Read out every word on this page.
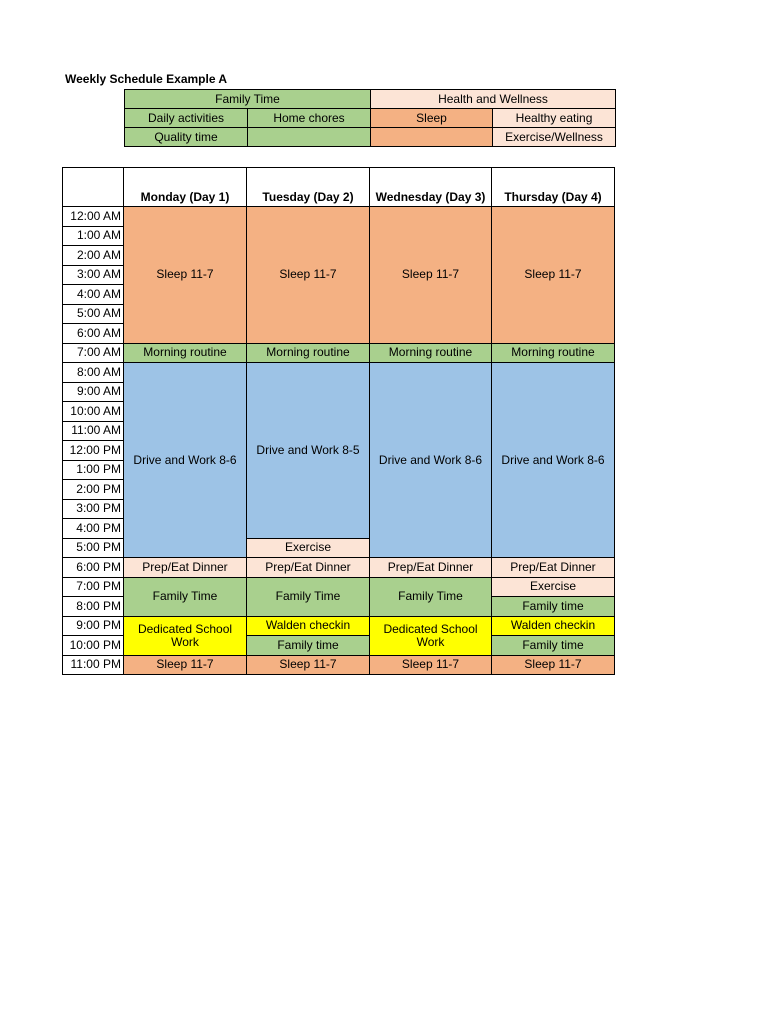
Weekly Schedule Example A
Family Time		Health and Wellness	
Daily activities	Home chores	Sleep	Healthy eating
Quality time			Exercise/Wellness
	Monday (Day 1)	Tuesday (Day 2)	Wednesday (Day 3)	Thursday (Day 4)
12:00 AM	Sleep 11-7	Sleep 11-7	Sleep 11-7	Sleep 11-7
1:00 AM				
2:00 AM				
3:00 AM				
4:00 AM				
5:00 AM				
6:00 AM				
7:00 AM	Morning routine	Morning routine	Morning routine	Morning routine
8:00 AM	Drive and Work 8-6	Drive and Work 8-5	Drive and Work 8-6	Drive and Work 8-6
9:00 AM				
10:00 AM				
11:00 AM				
12:00 PM				
1:00 PM				
2:00 PM				
3:00 PM				
4:00 PM				
5:00 PM		Exercise		
6:00 PM	Prep/Eat Dinner	Prep/Eat Dinner	Prep/Eat Dinner	Prep/Eat Dinner
7:00 PM	Family Time	Family Time	Family Time	Exercise
8:00 PM				Family time
9:00 PM	Dedicated School Work	Walden checkin	Dedicated School Work	Walden checkin
10:00 PM		Family time		Family time
11:00 PM	Sleep 11-7	Sleep 11-7	Sleep 11-7	Sleep 11-7
